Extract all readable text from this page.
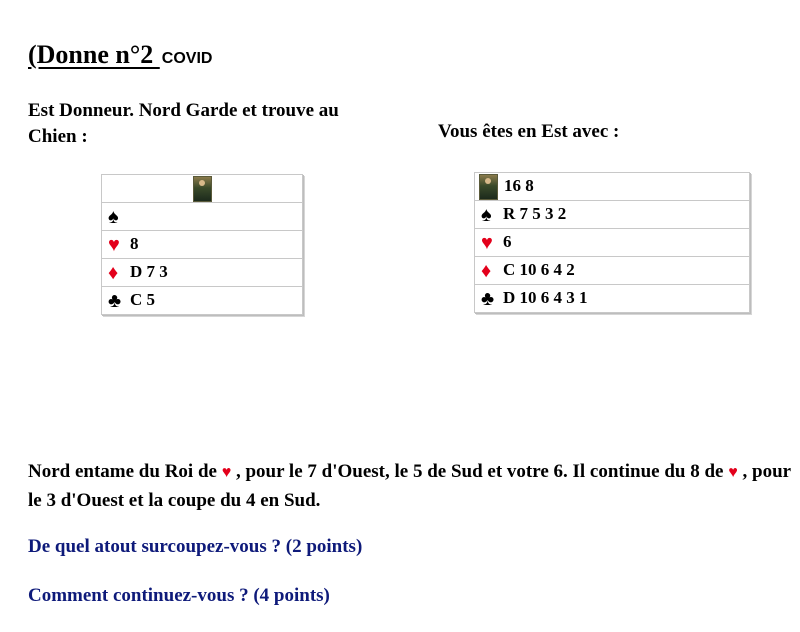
(Donne n°2 COVID
Est Donneur. Nord Garde et trouve au Chien :	Vous êtes en Est avec :

♠
♥ 8
♦ D 7 3
♣ C 5
16 8
♠ R 7 5 3 2
♥ 6
♦ C 10 6 4 2
♣ D 10 6 4 3 1
Nord entame du Roi de ♥ , pour le 7 d'Ouest, le 5 de Sud et votre 6. Il continue du 8 de ♥ , pour le 3 d'Ouest et la coupe du 4 en Sud.
De quel atout surcoupez-vous ? (2 points)
Comment continuez-vous ? (4 points)
